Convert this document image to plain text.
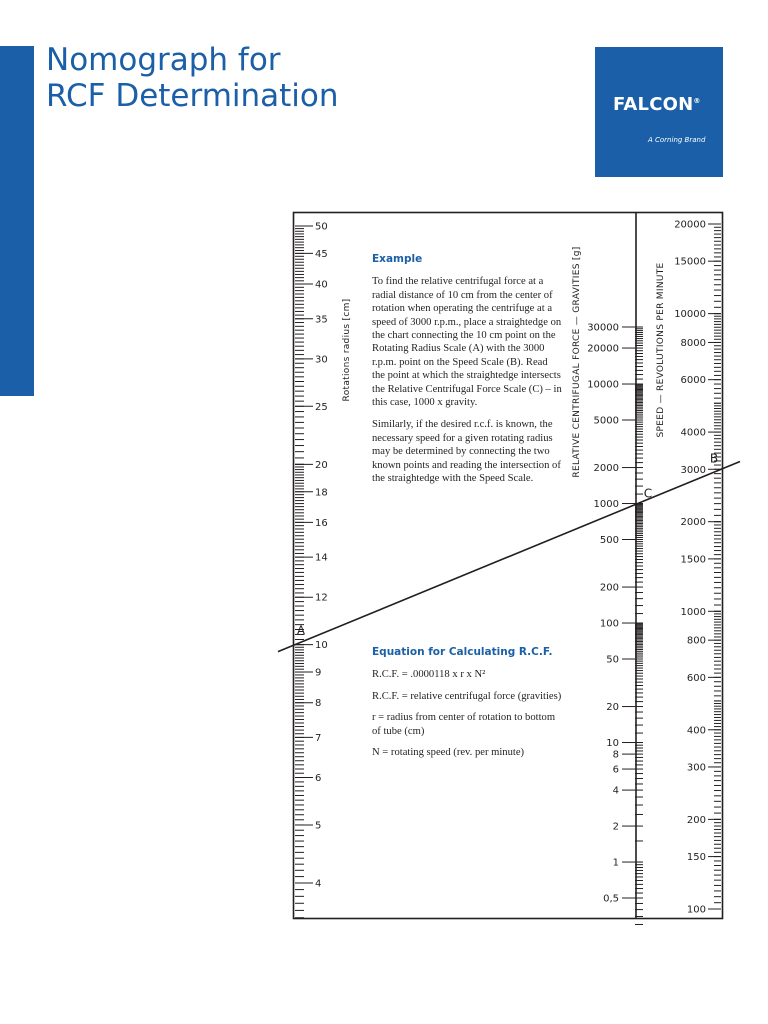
Nomograph for
RCF Determination	FALCON®
A Corning Brand
50
45
40
35
30
25
20
18
16
14
12
10
9
8
7
6
5
4
30000
20000
10000
5000
2000
1000
500
200
100
50
20
10
8
6
4
2
1
0,5
20000
15000
10000
8000
6000
4000
3000
2000
1500
1000
800
600
400
300
200
150
100
Rotations radius [cm]	RELATIVE CENTRIFUGAL FORCE — GRAVITIES [g]	SPEED — REVOLUTIONS PER MINUTE
A
C
B
Example

To find the relative centrifugal force at a radial distance of 10 cm from the center of rotation when operating the centrifuge at a speed of 3000 r.p.m., place a straightedge on the chart connecting the 10 cm point on the Rotating Radius Scale (A) with the 3000 r.p.m. point on the Speed Scale (B). Read the point at which the straightedge intersects the Relative Centrifugal Force Scale (C) – in this case, 1000 x gravity.

Similarly, if the desired r.c.f. is known, the necessary speed for a given rotating radius may be determined by connecting the two known points and reading the intersection of the straightedge with the Speed Scale.

Equation for Calculating R.C.F.

R.C.F. = .0000118 x r x N²

R.C.F. = relative centrifugal force (gravities)

r = radius from center of rotation to bottom of tube (cm)

N = rotating speed (rev. per minute)
